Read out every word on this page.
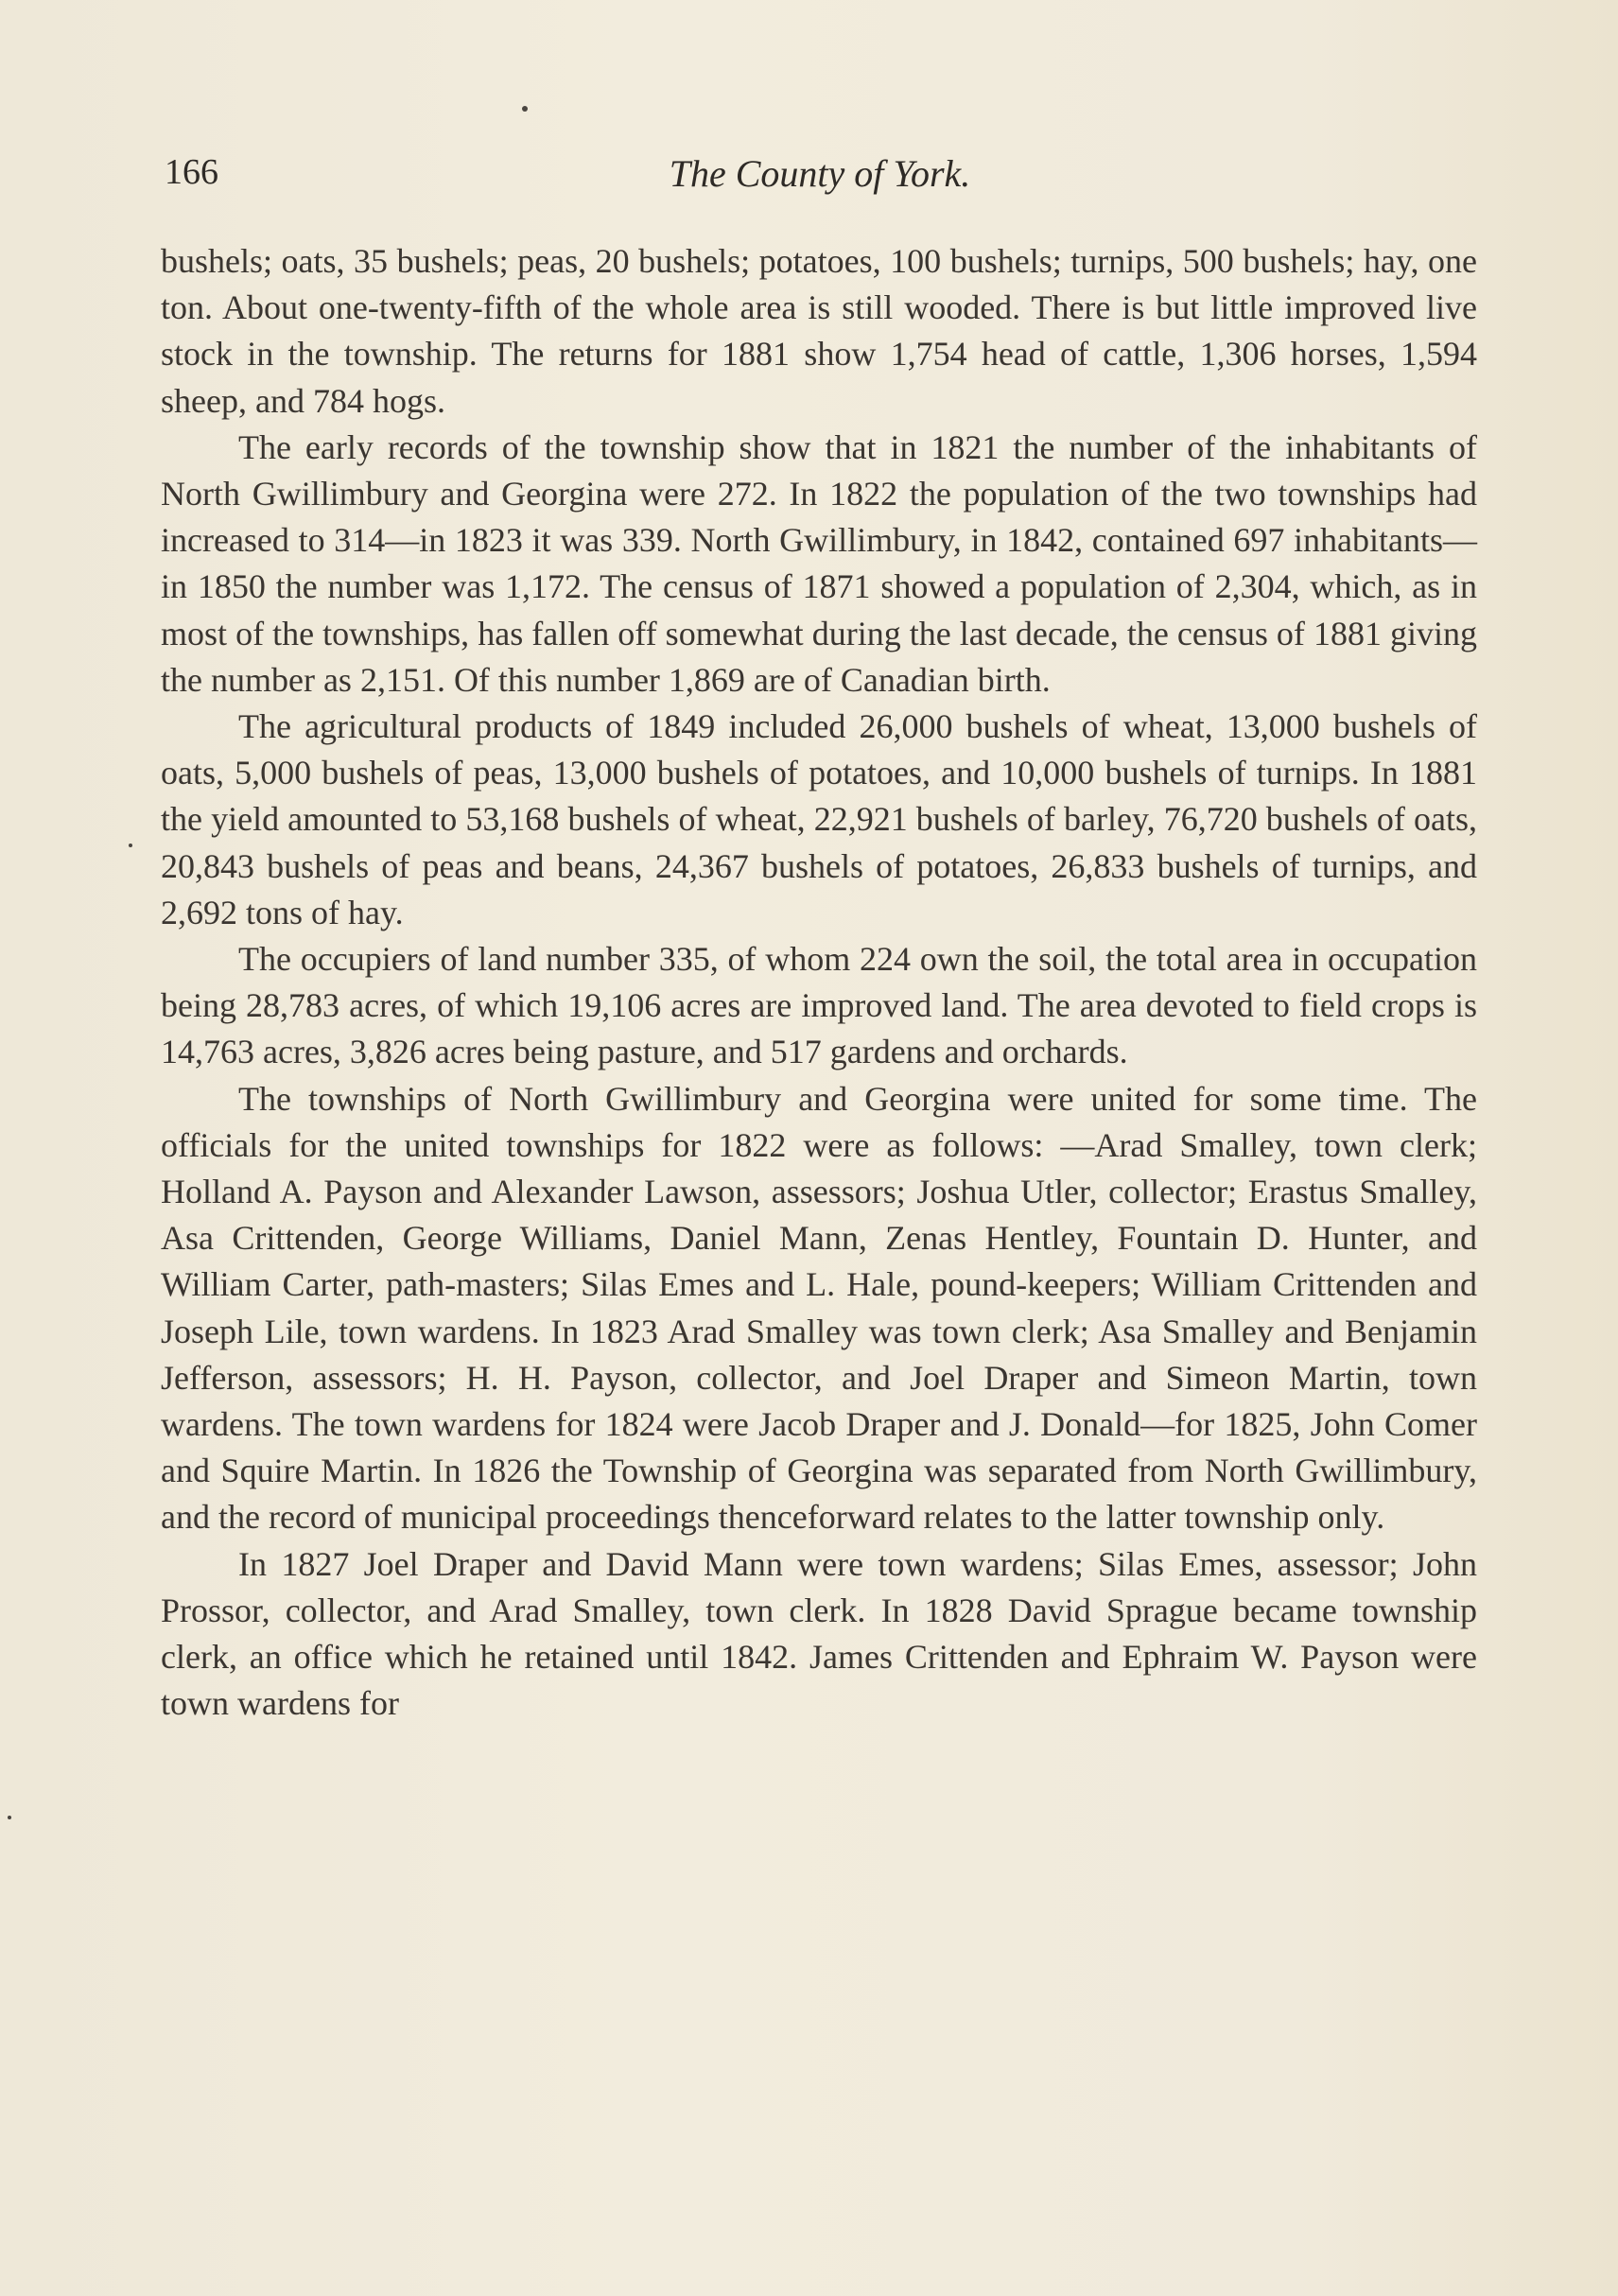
166	The County of York.

bushels; oats, 35 bushels; peas, 20 bushels; potatoes, 100 bushels; turnips, 500 bushels; hay, one ton. About one-twenty-fifth of the whole area is still wooded. There is but little improved live stock in the township. The returns for 1881 show 1,754 head of cattle, 1,306 horses, 1,594 sheep, and 784 hogs.

The early records of the township show that in 1821 the number of the inhabitants of North Gwillimbury and Georgina were 272. In 1822 the population of the two townships had increased to 314—in 1823 it was 339. North Gwillimbury, in 1842, contained 697 inhabitants—in 1850 the number was 1,172. The census of 1871 showed a population of 2,304, which, as in most of the townships, has fallen off somewhat during the last decade, the census of 1881 giving the number as 2,151. Of this number 1,869 are of Canadian birth.

The agricultural products of 1849 included 26,000 bushels of wheat, 13,000 bushels of oats, 5,000 bushels of peas, 13,000 bushels of potatoes, and 10,000 bushels of turnips. In 1881 the yield amounted to 53,168 bushels of wheat, 22,921 bushels of barley, 76,720 bushels of oats, 20,843 bushels of peas and beans, 24,367 bushels of potatoes, 26,833 bushels of turnips, and 2,692 tons of hay.

The occupiers of land number 335, of whom 224 own the soil, the total area in occupation being 28,783 acres, of which 19,106 acres are improved land. The area devoted to field crops is 14,763 acres, 3,826 acres being pasture, and 517 gardens and orchards.

The townships of North Gwillimbury and Georgina were united for some time. The officials for the united townships for 1822 were as follows: —Arad Smalley, town clerk; Holland A. Payson and Alexander Lawson, assessors; Joshua Utler, collector; Erastus Smalley, Asa Crittenden, George Williams, Daniel Mann, Zenas Hentley, Fountain D. Hunter, and William Carter, path-masters; Silas Emes and L. Hale, pound-keepers; William Crittenden and Joseph Lile, town wardens. In 1823 Arad Smalley was town clerk; Asa Smalley and Benjamin Jefferson, assessors; H. H. Payson, collector, and Joel Draper and Simeon Martin, town wardens. The town wardens for 1824 were Jacob Draper and J. Donald—for 1825, John Comer and Squire Martin. In 1826 the Township of Georgina was separated from North Gwillimbury, and the record of municipal proceedings thenceforward relates to the latter township only.

In 1827 Joel Draper and David Mann were town wardens; Silas Emes, assessor; John Prossor, collector, and Arad Smalley, town clerk. In 1828 David Sprague became township clerk, an office which he retained until 1842. James Crittenden and Ephraim W. Payson were town wardens for
